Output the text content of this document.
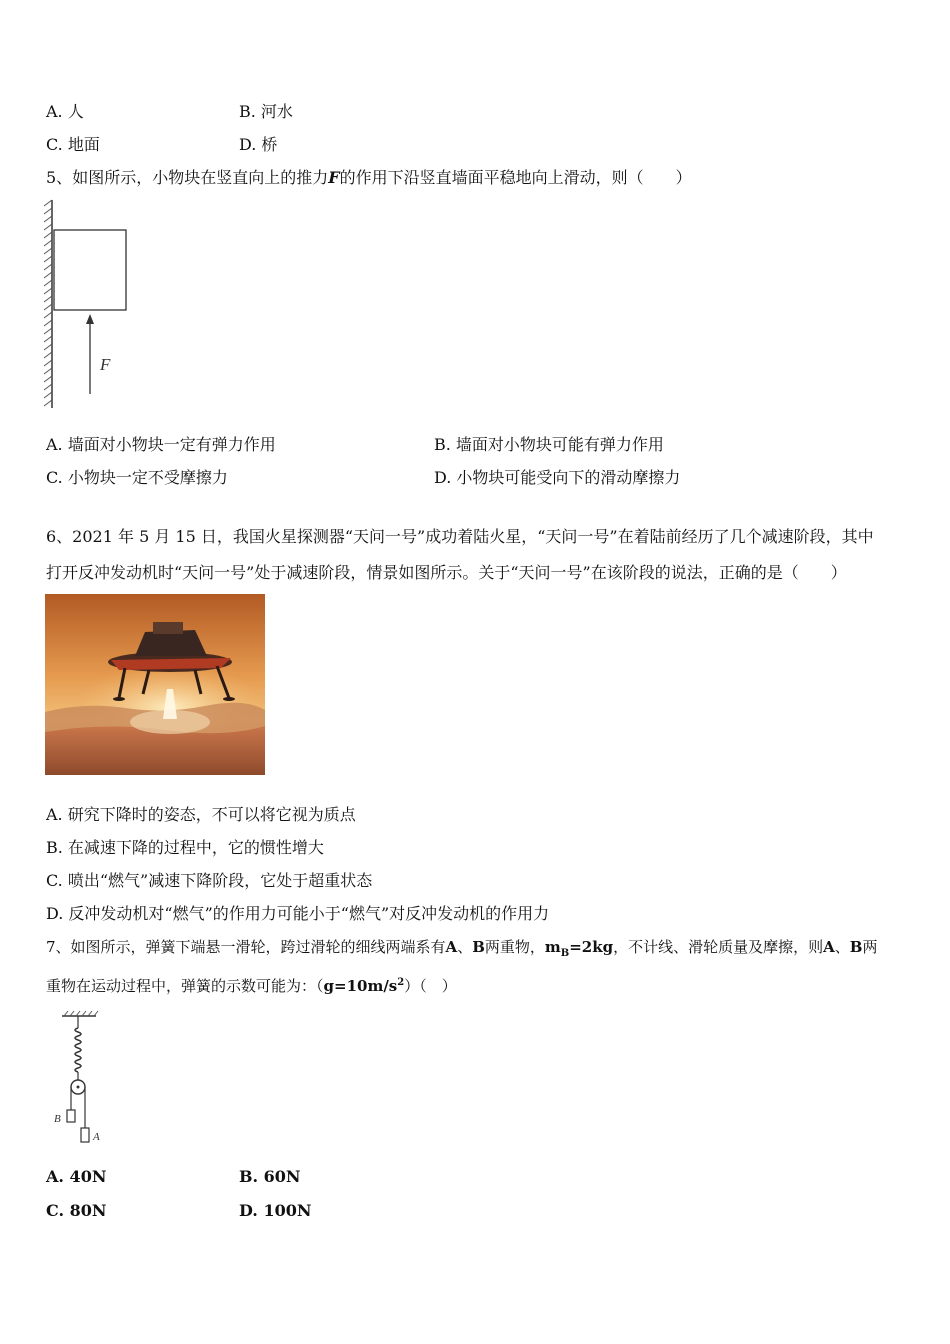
A. 人	B. 河水
C. 地面	D. 桥
5、如图所示，小物块在竖直向上的推力F的作用下沿竖直墙面平稳地向上滑动，则（　　）
F
A. 墙面对小物块一定有弹力作用	B. 墙面对小物块可能有弹力作用
C. 小物块一定不受摩擦力	D. 小物块可能受向下的滑动摩擦力
6、2021 年 5 月 15 日，我国火星探测器“天问一号”成功着陆火星，“天问一号”在着陆前经历了几个减速阶段，其中
打开反冲发动机时“天问一号”处于减速阶段，情景如图所示。关于“天问一号”在该阶段的说法，正确的是（　　）
A. 研究下降时的姿态，不可以将它视为质点
B. 在减速下降的过程中，它的惯性增大
C. 喷出“燃气”减速下降阶段，它处于超重状态
D. 反冲发动机对“燃气”的作用力可能小于“燃气”对反冲发动机的作用力
7、如图所示，弹簧下端悬一滑轮，跨过滑轮的细线两端系有A、B两重物，$m_B=2kg$，不计线、滑轮质量及摩擦，则A、B两
重物在运动过程中，弹簧的示数可能为：$(g=10m/s^2)$（　）
B
A
A. 40N	B. 60N
C. 80N	D. 100N
